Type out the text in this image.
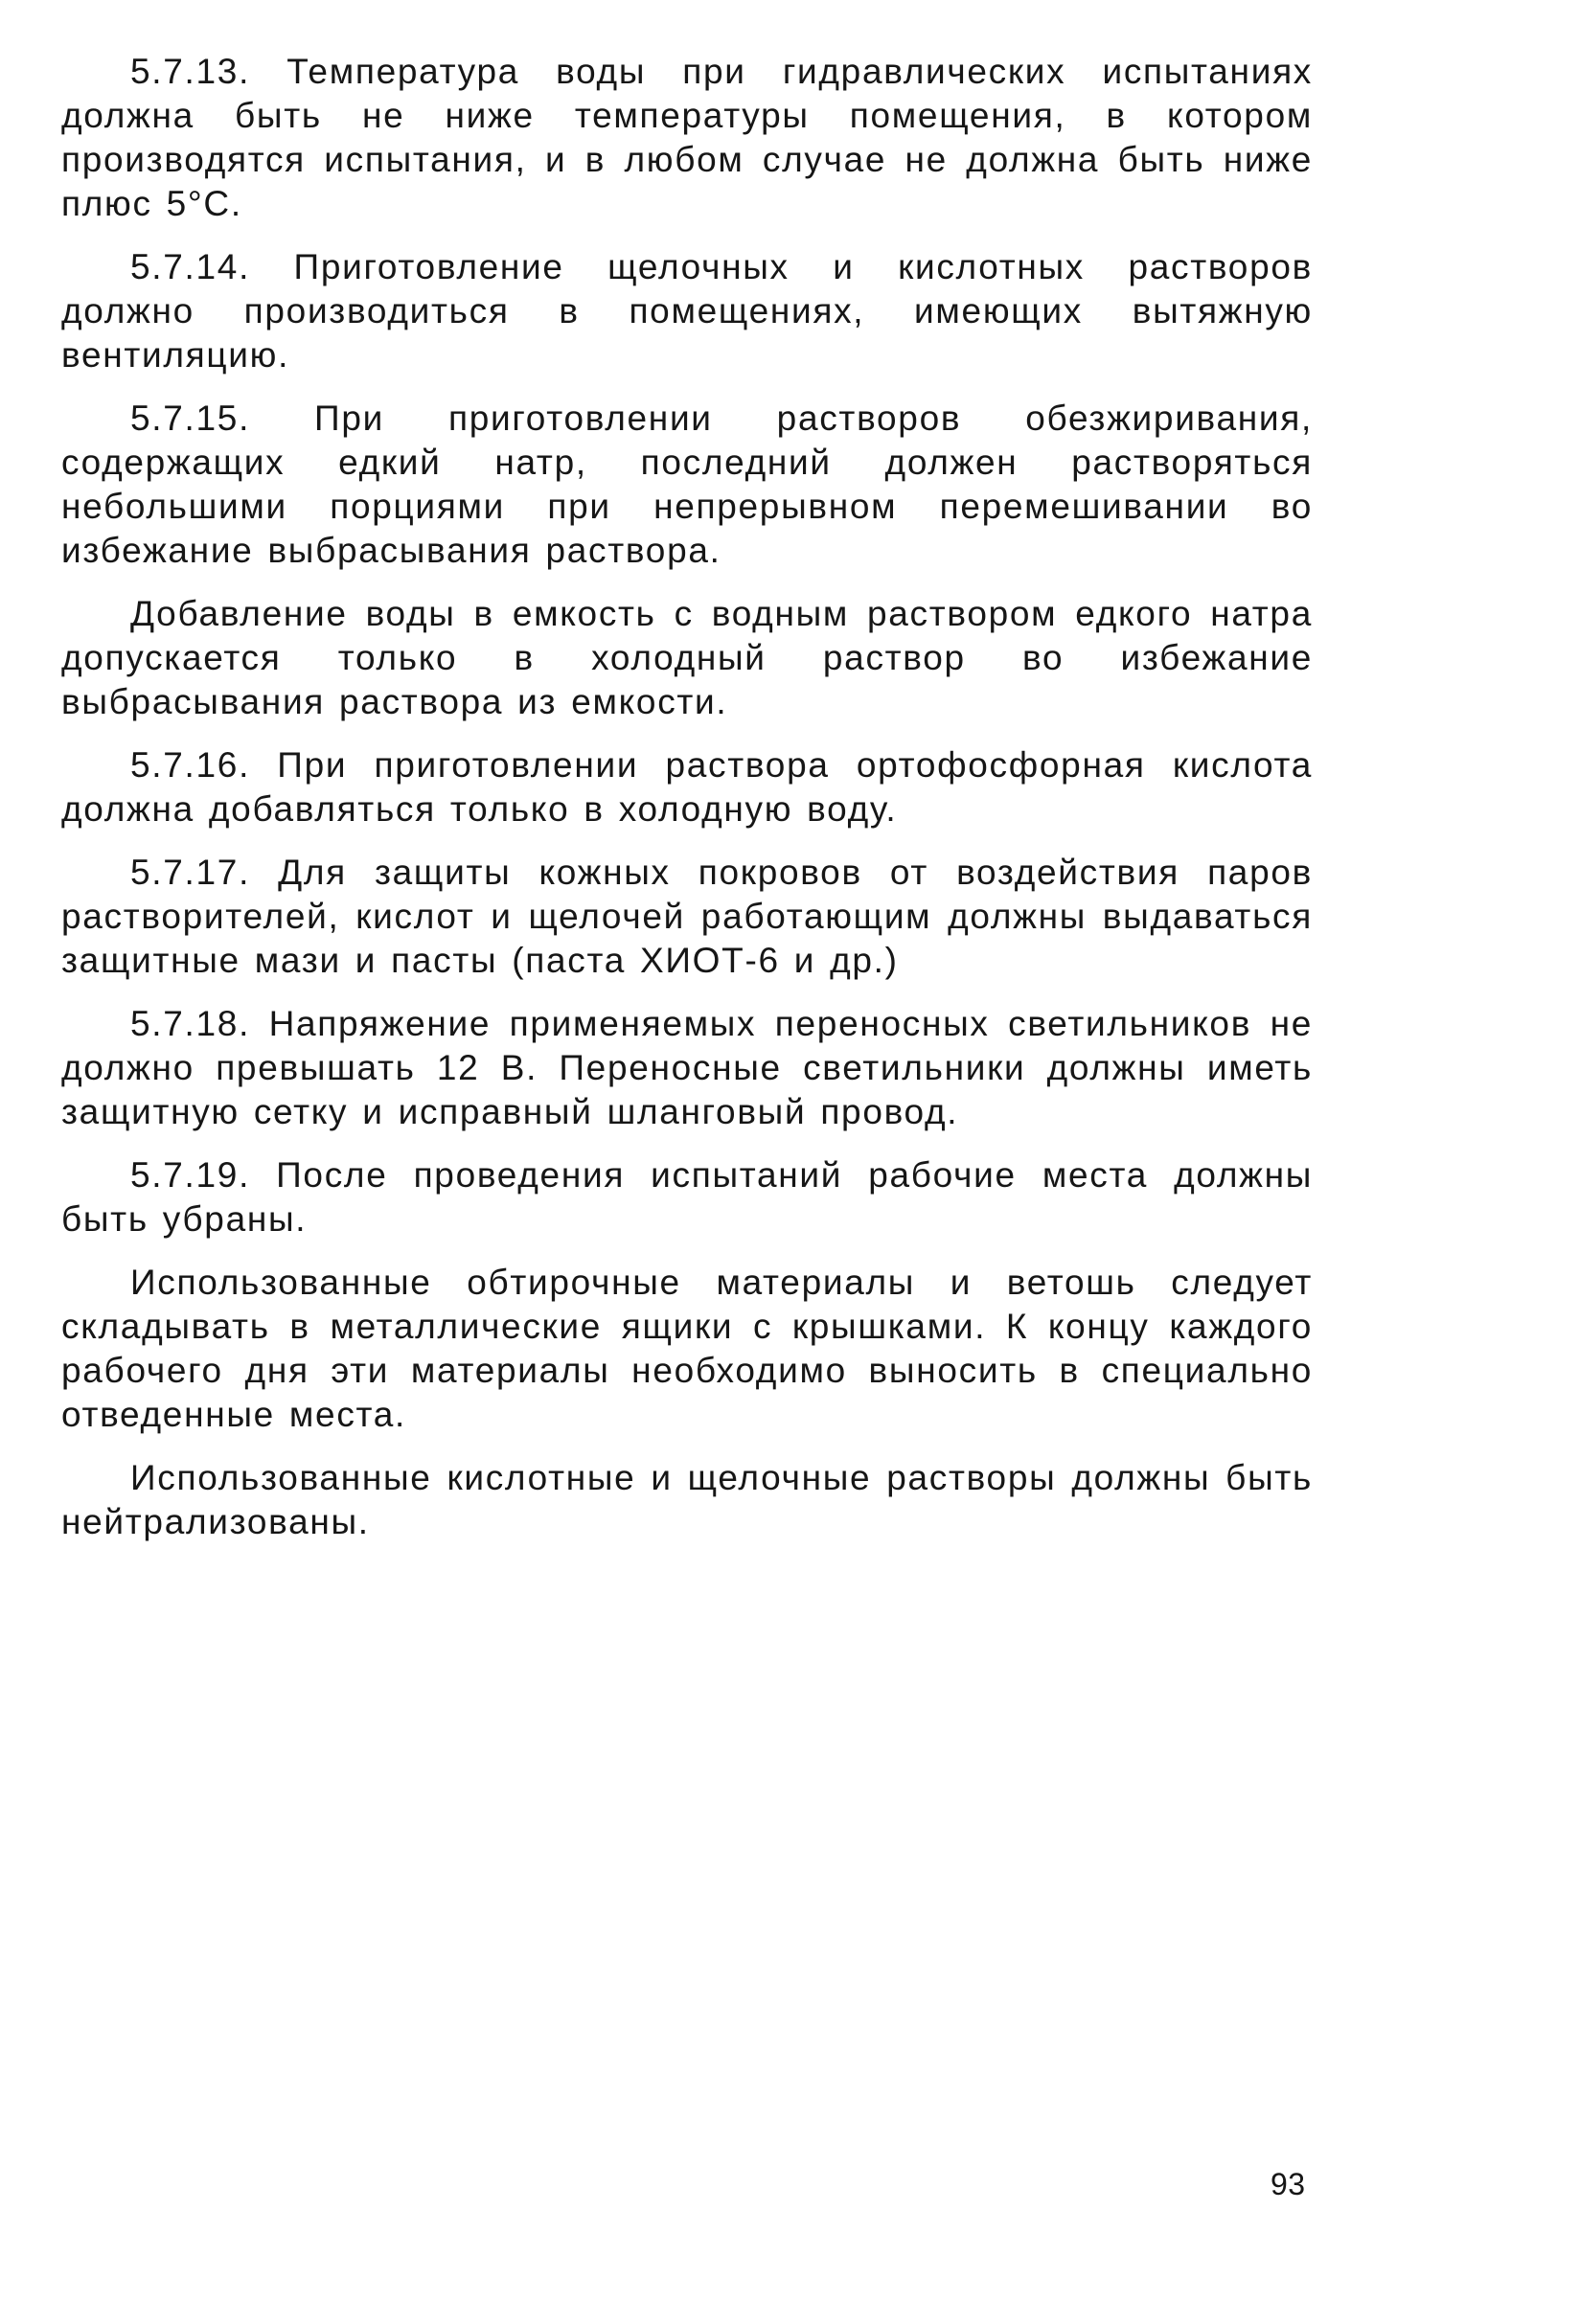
5.7.13. Температура воды при гидравлических испытаниях должна быть не ниже температуры помещения, в котором производятся испытания, и в любом случае не должна быть ниже плюс 5°С.

5.7.14. Приготовление щелочных и кислотных растворов должно производиться в помещениях, имеющих вытяжную вентиляцию.

5.7.15. При приготовлении растворов обезжиривания, содержащих едкий натр, последний должен растворяться небольшими порциями при непрерывном перемешивании во избежание выбрасывания раствора.

Добавление воды в емкость с водным раствором едкого натра допускается только в холодный раствор во избежание выбрасывания раствора из емкости.

5.7.16. При приготовлении раствора ортофосфорная кислота должна добавляться только в холодную воду.

5.7.17. Для защиты кожных покровов от воздействия паров растворителей, кислот и щелочей работающим должны выдаваться защитные мази и пасты (паста ХИОТ-6 и др.)

5.7.18. Напряжение применяемых переносных светильников не должно превышать 12 В. Переносные светильники должны иметь защитную сетку и исправный шланговый провод.

5.7.19. После проведения испытаний рабочие места должны быть убраны.

Использованные обтирочные материалы и ветошь следует складывать в металлические ящики с крышками. К концу каждого рабочего дня эти материалы необходимо выносить в специально отведенные места.

Использованные кислотные и щелочные растворы должны быть нейтрализованы.

93
